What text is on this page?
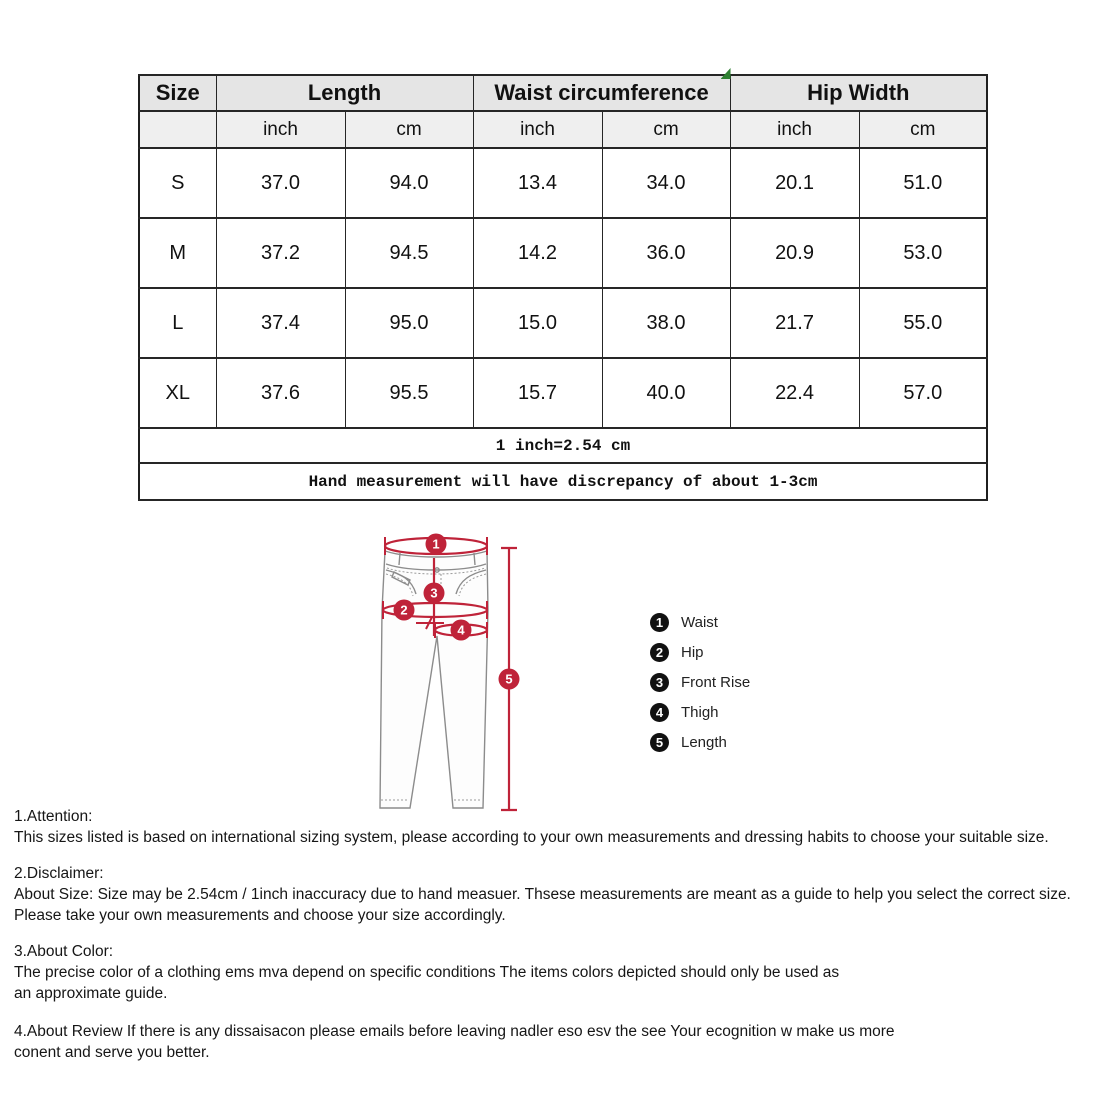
Size	Length		Waist circumference		Hip Width	
	inch	cm	inch	cm	inch	cm
S	37.0	94.0	13.4	34.0	20.1	51.0
M	37.2	94.5	14.2	36.0	20.9	53.0
L	37.4	95.0	15.0	38.0	21.7	55.0
XL	37.6	95.5	15.7	40.0	22.4	57.0
1 inch=2.54 cm						
Hand measurement will have discrepancy of about 1-3cm						
1
2
3
4
5
1	Waist
2	Hip
3	Front Rise
4	Thigh
5	Length
1.Attention:
This sizes listed is based on international sizing system, please according to your own measurements and dressing habits to choose your suitable size.
2.Disclaimer:
About Size: Size may be 2.54cm / 1inch inaccuracy due to hand measuer. Thsese measurements are meant as a guide to help you select the correct size.
Please take your own measurements and choose your size accordingly.
3.About Color:
The precise color of a clothing ems mva depend on specific conditions The items colors depicted should only be used as
an approximate guide.
4.About Review If there is any dissaisacon please emails before leaving nadler eso esv the see Your ecognition w make us more
conent and serve you better.
